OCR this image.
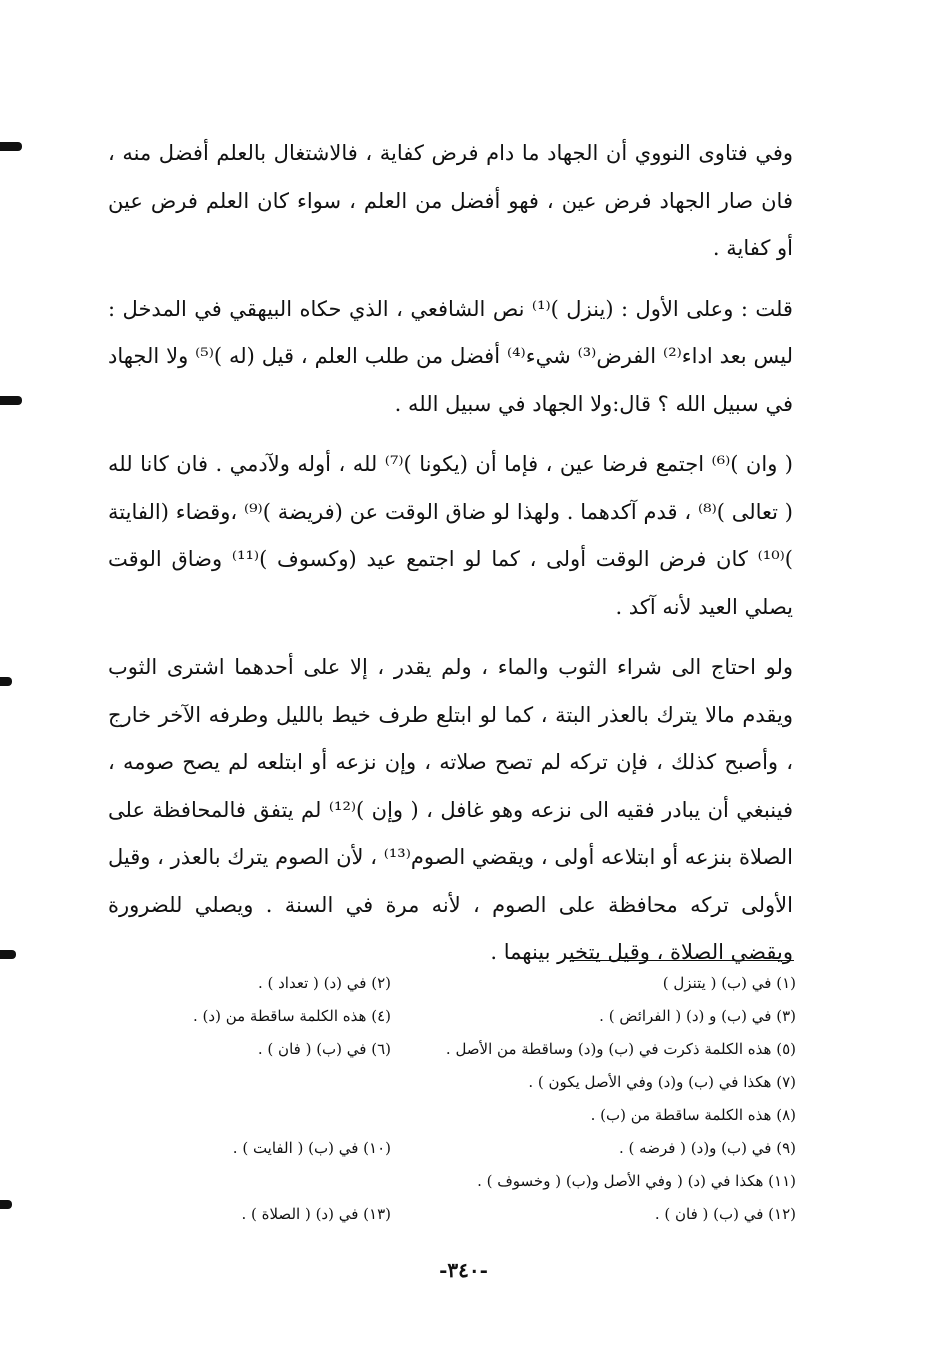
وفي فتاوى النووي أن الجهاد ما دام فرض كفاية ، فالاشتغال بالعلم أفضل منه ، فان صار الجهاد فرض عين ، فهو أفضل من العلم ، سواء كان العلم فرض عين أو كفاية .

قلت : وعلى الأول : (ينزل )⁽¹⁾ نص الشافعي ، الذي حكاه البيهقي في المدخل : ليس بعد اداء⁽²⁾ الفرض⁽³⁾ شيء⁽⁴⁾ أفضل من طلب العلم ، قيل (له )⁽⁵⁾ ولا الجهاد في سبيل الله ؟ قال:ولا الجهاد في سبيل الله .

( وان )⁽⁶⁾ اجتمع فرضا عين ، فإما أن (يكونا )⁽⁷⁾ لله ، أوله ولآدمي . فان كانا لله ( تعالى )⁽⁸⁾ ، قدم آكدهما . ولهذا لو ضاق الوقت عن (فريضة )⁽⁹⁾ ،وقضاء (الفايتة )⁽¹⁰⁾ كان فرض الوقت أولى ، كما لو اجتمع عيد (وكسوف )⁽¹¹⁾ وضاق الوقت يصلي العيد لأنه آكد .

ولو احتاج الى شراء الثوب والماء ، ولم يقدر ، إلا على أحدهما اشترى الثوب ويقدم مالا يترك بالعذر البتة ، كما لو ابتلع طرف خيط بالليل وطرفه الآخر خارج ، وأصبح كذلك ، فإن تركه لم تصح صلاته ، وإن نزعه أو ابتلعه لم يصح صومه ، فينبغي أن يبادر فقيه الى نزعه وهو غافل ، ( وإن )⁽¹²⁾ لم يتفق فالمحافظة على الصلاة بنزعه أو ابتلاعه أولى ، ويقضي الصوم⁽¹³⁾ ، لأن الصوم يترك بالعذر ، وقيل الأولى تركه محافظة على الصوم ، لأنه مرة في السنة . ويصلي للضرورة ويقضي الصلاة ، وقيل يتخير بينهما .

(١) في (ب) ( يتنزل )
(٢) في (د) ( تعداد ) .
(٣) في (ب) و (د) ( الفرائض ) .
(٤) هذه الكلمة ساقطة من (د) .
(٥) هذه الكلمة ذكرت في (ب) و(د) وساقطة من الأصل .
(٦) في (ب) ( فان ) .
(٧) هكذا في (ب) و(د) وفي الأصل يكون ) .
(٨) هذه الكلمة ساقطة من (ب) .
(٩) في (ب) و(د) ( فرضه ) .
(١٠) في (ب) ( الفايت ) .
(١١) هكذا في (د) ( وفي الأصل و(ب) ( وخسوف ) .
(١٢) في (ب) ( فان ) .
(١٣) في (د) ( الصلاة ) .
-٣٤٠-
